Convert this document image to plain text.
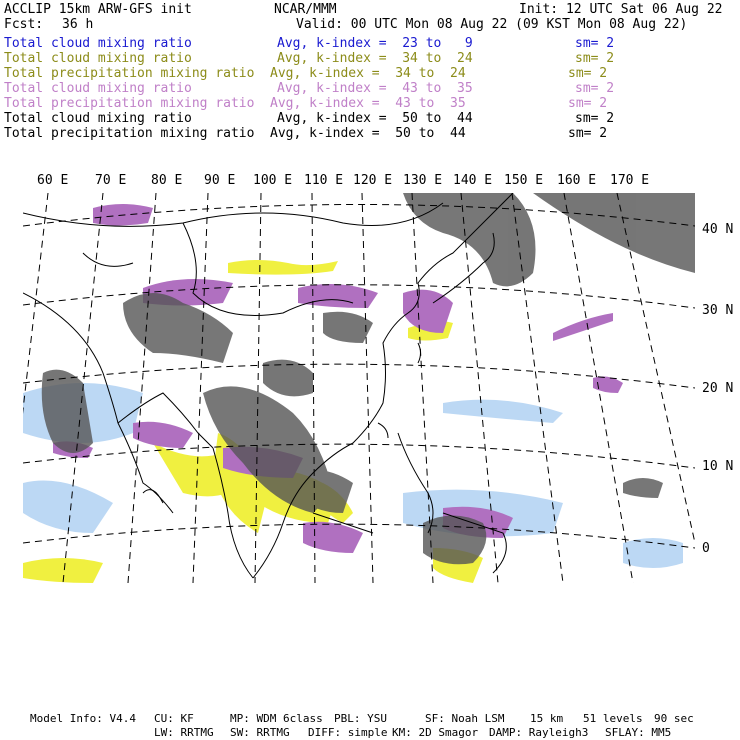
ACCLIP 15km ARW-GFS init	NCAR/MMM	Init: 12 UTC Sat 06 Aug 22
Fcst: 36 h	Valid: 00 UTC Mon 08 Aug 22 (09 KST Mon 08 Aug 22)
Total cloud mixing ratio	Avg, k-index =  23 to   9	sm= 2
Total cloud mixing ratio	Avg, k-index =  34 to  24	sm= 2
Total precipitation mixing ratio Avg, k-index =  34 to  24	sm= 2
Total cloud mixing ratio	Avg, k-index =  43 to  35	sm= 2
Total precipitation mixing ratio Avg, k-index =  43 to  35	sm= 2
Total cloud mixing ratio	Avg, k-index =  50 to  44	sm= 2
Total precipitation mixing ratio Avg, k-index =  50 to  44	sm= 2
60 E 70 E 80 E 90 E 100 E 110 E 120 E 130 E 140 E 150 E 160 E 170 E
40 N
30 N
20 N
10 N
0
Model Info: V4.4 CU: KF	MP: WDM 6class PBL: YSU	SF: Noah LSM 15 km 51 levels 90 sec
LW: RRTMG SW: RRTMG DIFF: simple KM: 2D Smagor DAMP: Rayleigh3 SFLAY: MM5
